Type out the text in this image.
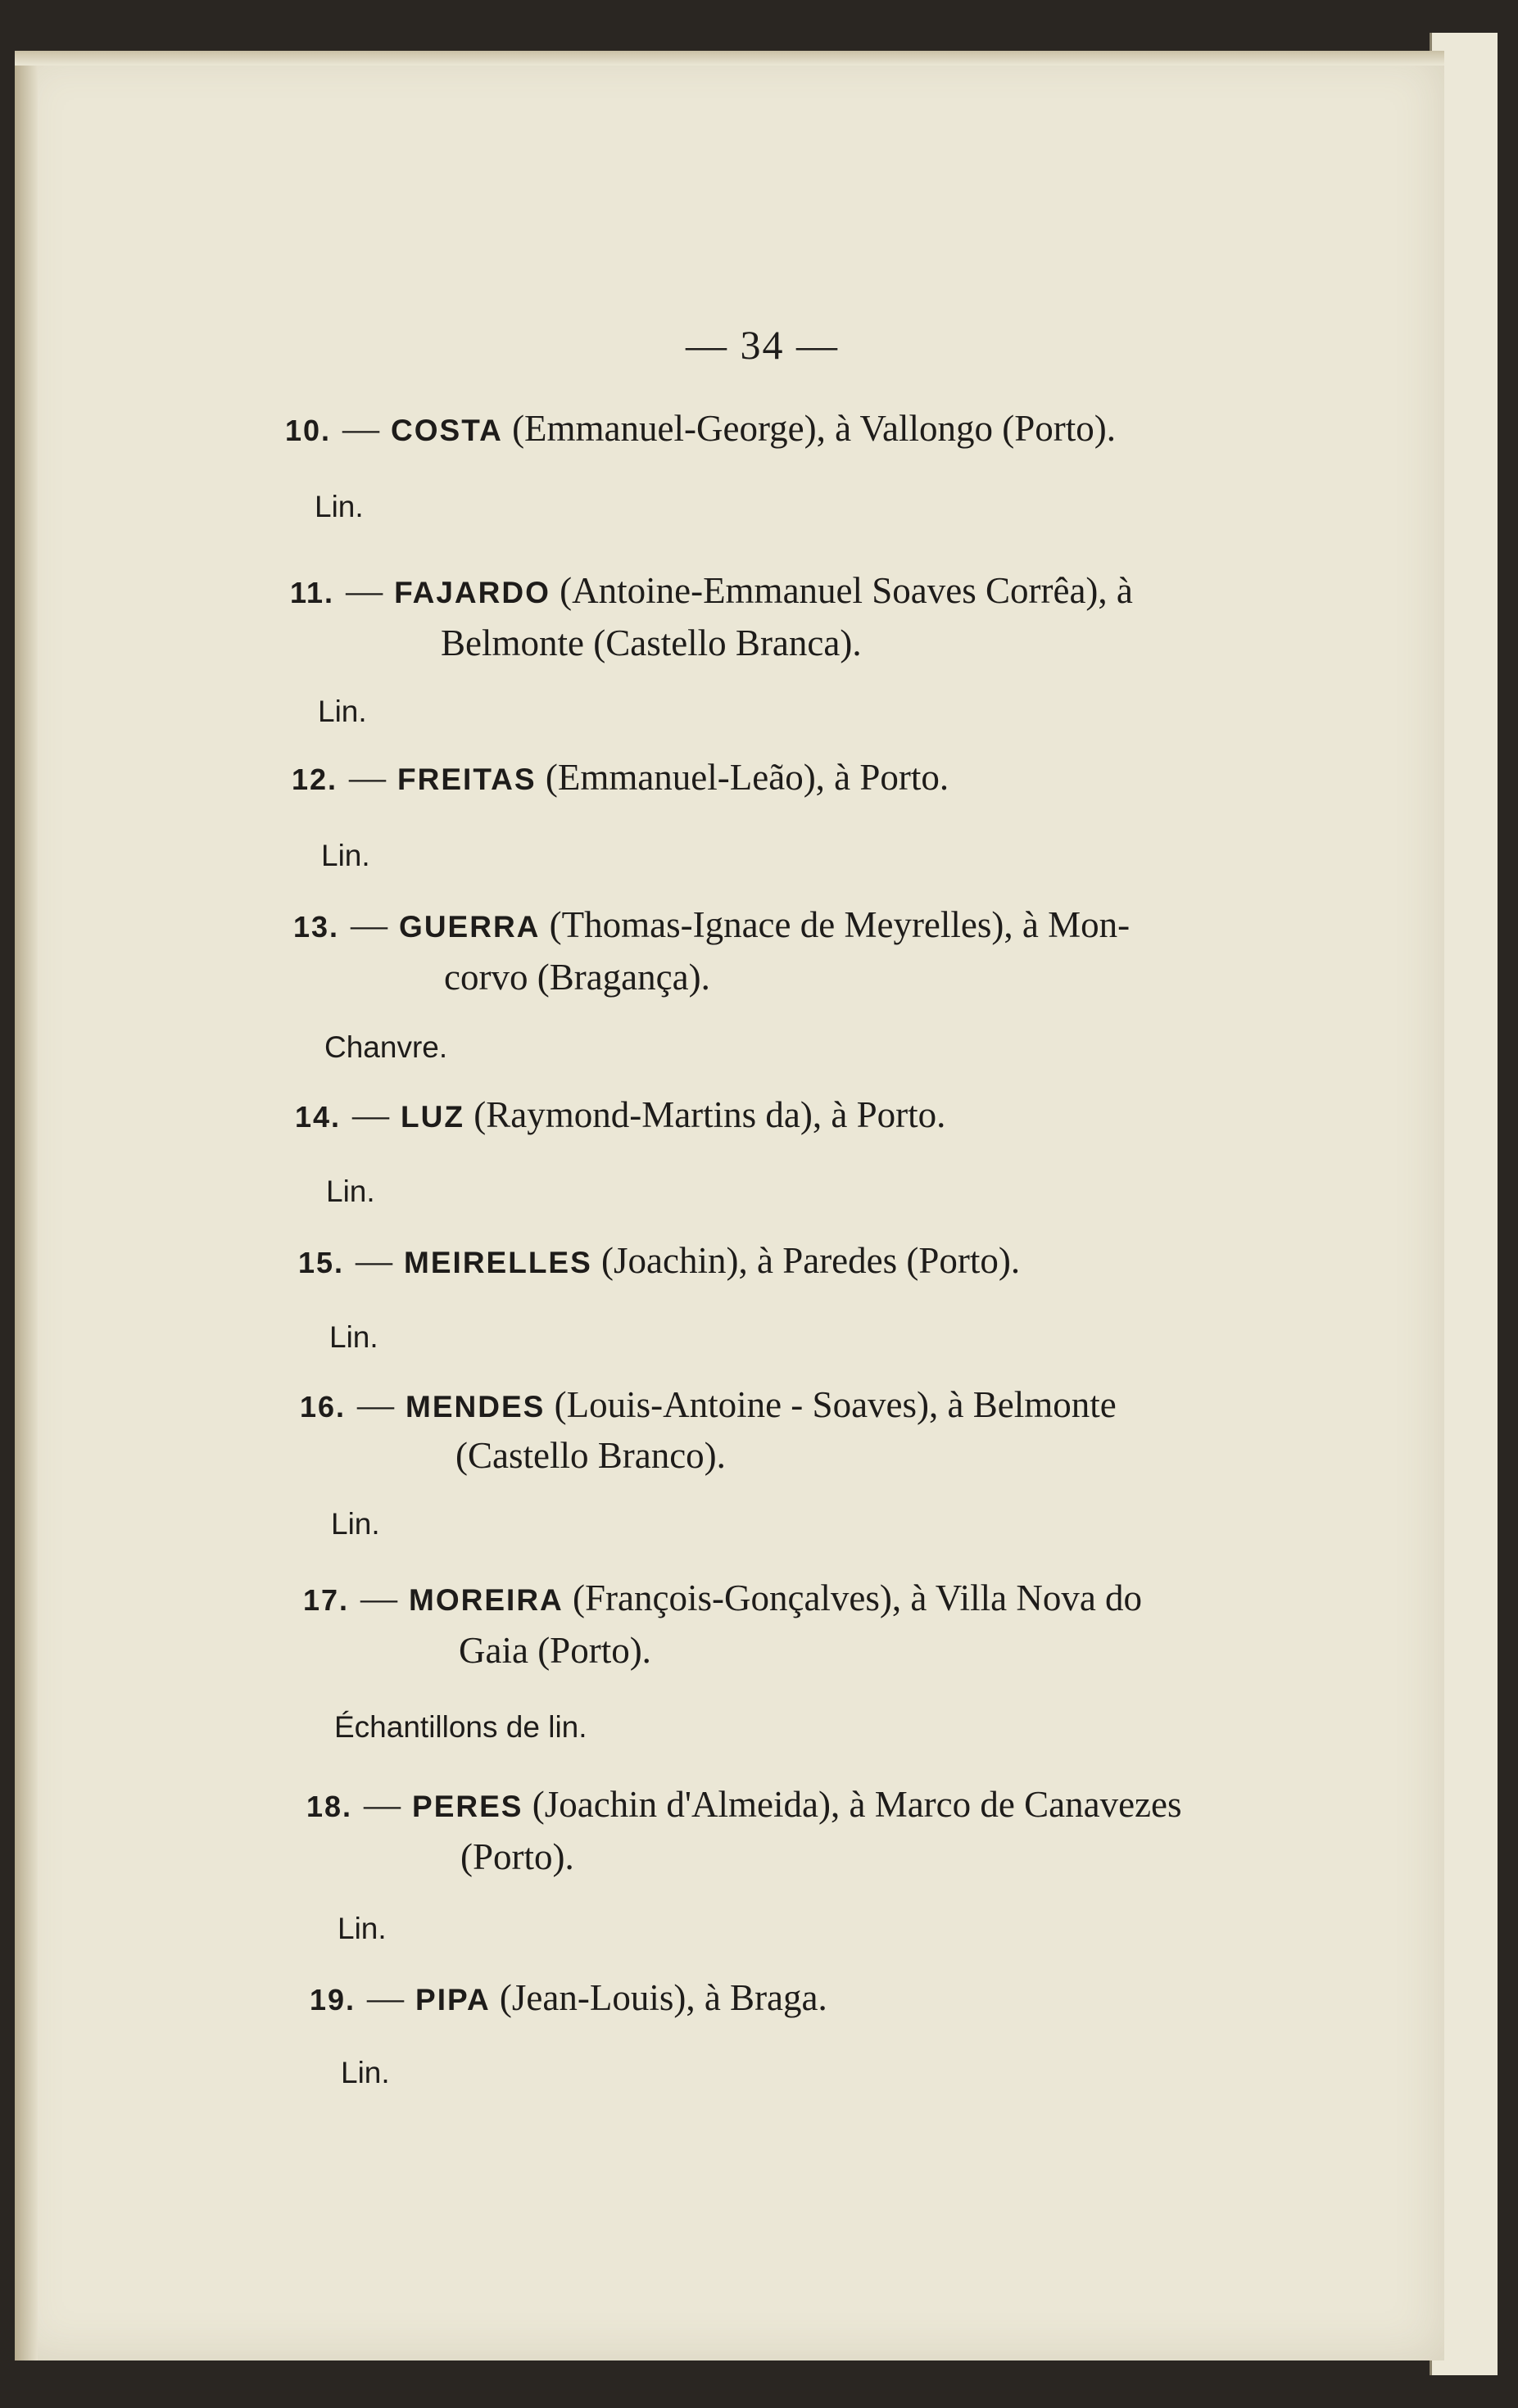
— 34 —
10. — COSTA (Emmanuel-George), à Vallongo (Porto).
Lin.
11. — FAJARDO (Antoine-Emmanuel Soaves Corrêa), à
Belmonte (Castello Branca).
Lin.
12. — FREITAS (Emmanuel-Leão), à Porto.
Lin.
13. — GUERRA (Thomas-Ignace de Meyrelles), à Mon-
corvo (Bragança).
Chanvre.
14. — LUZ (Raymond-Martins da), à Porto.
Lin.
15. — MEIRELLES (Joachin), à Paredes (Porto).
Lin.
16. — MENDES (Louis-Antoine - Soaves), à Belmonte
(Castello Branco).
Lin.
17. — MOREIRA (François-Gonçalves), à Villa Nova do
Gaia (Porto).
Échantillons de lin.
18. — PERES (Joachin d'Almeida), à Marco de Canavezes
(Porto).
Lin.
19. — PIPA (Jean-Louis), à Braga.
Lin.
